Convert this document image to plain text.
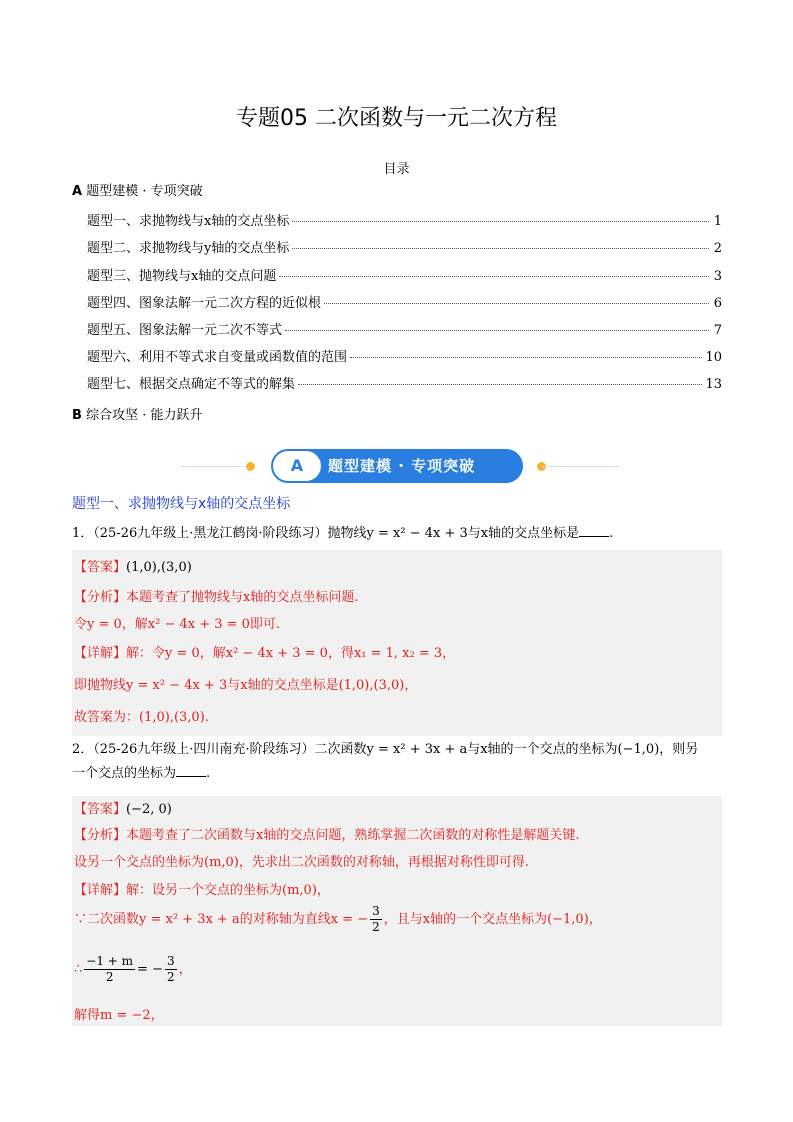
专题05 二次函数与一元二次方程
目录
A 题型建模 · 专项突破
题型一、求抛物线与x轴的交点坐标	1
题型二、求抛物线与y轴的交点坐标	2
题型三、抛物线与x轴的交点问题	3
题型四、图象法解一元二次方程的近似根	6
题型五、图象法解一元二次不等式	7
题型六、利用不等式求自变量或函数值的范围	10
题型七、根据交点确定不等式的解集	13
B 综合攻坚 · 能力跃升
A	题型建模 · 专项突破
题型一、求抛物线与x轴的交点坐标
1．（25-26九年级上·黑龙江鹤岗·阶段练习）抛物线y = x² − 4x + 3与x轴的交点坐标是 .
【答案】(1,0),(3,0)
【分析】本题考查了抛物线与x轴的交点坐标问题.
令y = 0，解x² − 4x + 3 = 0即可.
【详解】解：令y = 0，解x² − 4x + 3 = 0，得x₁ = 1, x₂ = 3，
即抛物线y = x² − 4x + 3与x轴的交点坐标是(1,0),(3,0)，
故答案为：(1,0),(3,0).
2．（25-26九年级上·四川南充·阶段练习）二次函数y = x² + 3x + a与x轴的一个交点的坐标为(−1,0)，则另
一个交点的坐标为 .
【答案】(−2, 0)
【分析】本题考查了二次函数与x轴的交点问题，熟练掌握二次函数的对称性是解题关键.
设另一个交点的坐标为(m,0)，先求出二次函数的对称轴，再根据对称性即可得.
【详解】解：设另一个交点的坐标为(m,0)，
∵二次函数y = x² + 3x + a的对称轴为直线x = − $\frac{3}{2}$ ，且与x轴的一个交点坐标为(−1,0)，
∴ $\frac{-1 + m}{2}$ = − $\frac{3}{2}$ ，
解得m = −2，
